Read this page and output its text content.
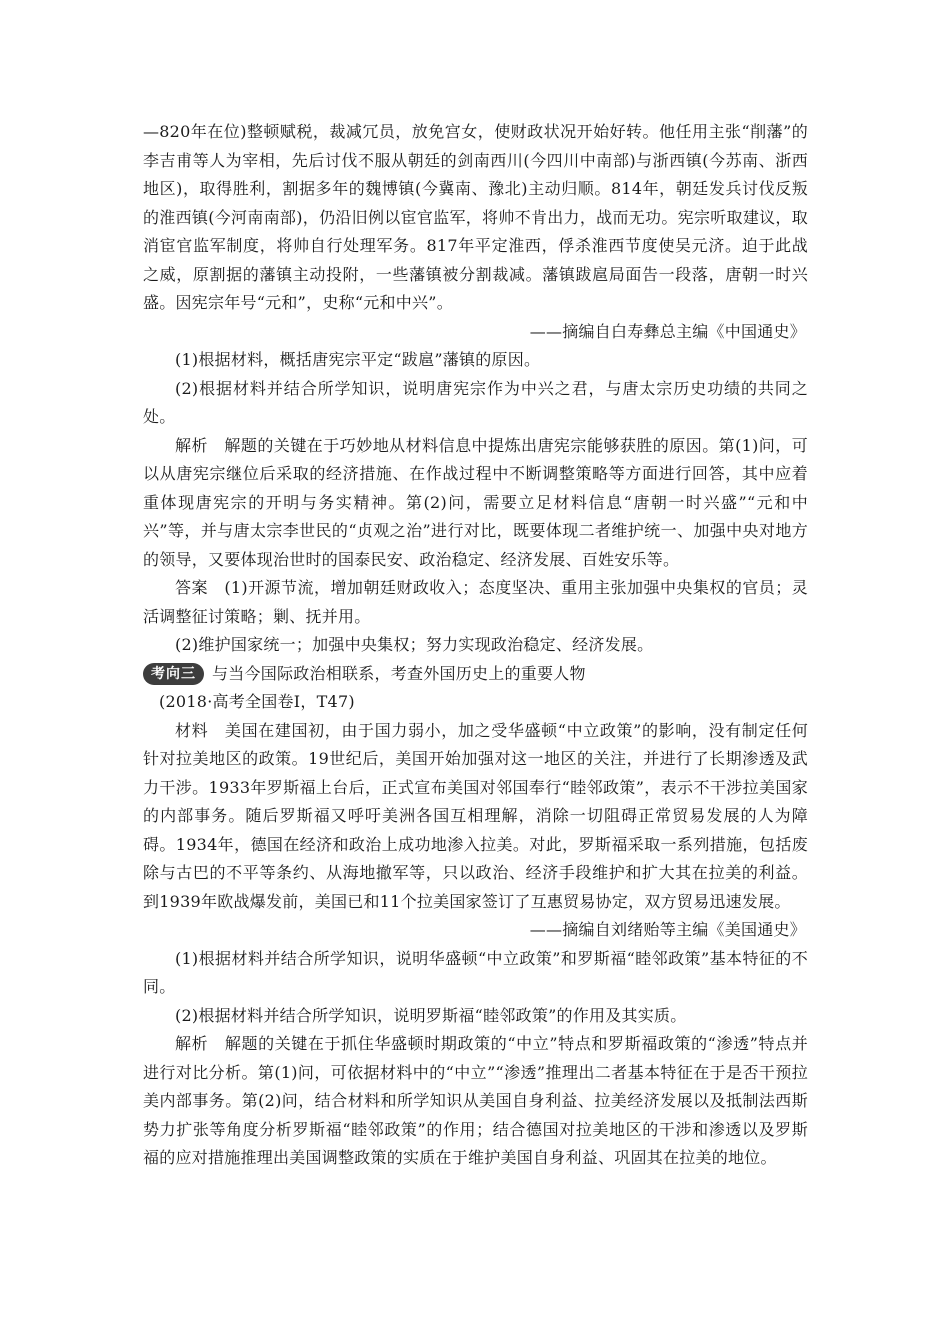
—820年在位)整顿赋税，裁减冗员，放免宫女，使财政状况开始好转。他任用主张“削藩”的李吉甫等人为宰相，先后讨伐不服从朝廷的剑南西川(今四川中南部)与浙西镇(今苏南、浙西地区)，取得胜利，割据多年的魏博镇(今冀南、豫北)主动归顺。814年，朝廷发兵讨伐反叛的淮西镇(今河南南部)，仍沿旧例以宦官监军，将帅不肯出力，战而无功。宪宗听取建议，取消宦官监军制度，将帅自行处理军务。817年平定淮西，俘杀淮西节度使吴元济。迫于此战之威，原割据的藩镇主动投附，一些藩镇被分割裁减。藩镇跋扈局面告一段落，唐朝一时兴盛。因宪宗年号“元和”，史称“元和中兴”。

——摘编自白寿彝总主编《中国通史》

(1)根据材料，概括唐宪宗平定“跋扈”藩镇的原因。

(2)根据材料并结合所学知识，说明唐宪宗作为中兴之君，与唐太宗历史功绩的共同之处。

解析　解题的关键在于巧妙地从材料信息中提炼出唐宪宗能够获胜的原因。第(1)问，可以从唐宪宗继位后采取的经济措施、在作战过程中不断调整策略等方面进行回答，其中应着重体现唐宪宗的开明与务实精神。第(2)问，需要立足材料信息“唐朝一时兴盛”“元和中兴”等，并与唐太宗李世民的“贞观之治”进行对比，既要体现二者维护统一、加强中央对地方的领导，又要体现治世时的国泰民安、政治稳定、经济发展、百姓安乐等。

答案　(1)开源节流，增加朝廷财政收入；态度坚决、重用主张加强中央集权的官员；灵活调整征讨策略；剿、抚并用。

(2)维护国家统一；加强中央集权；努力实现政治稳定、经济发展。

考向三	与当今国际政治相联系，考查外国历史上的重要人物

(2018·高考全国卷Ⅰ，T47)

材料　美国在建国初，由于国力弱小，加之受华盛顿“中立政策”的影响，没有制定任何针对拉美地区的政策。19世纪后，美国开始加强对这一地区的关注，并进行了长期渗透及武力干涉。1933年罗斯福上台后，正式宣布美国对邻国奉行“睦邻政策”，表示不干涉拉美国家的内部事务。随后罗斯福又呼吁美洲各国互相理解，消除一切阻碍正常贸易发展的人为障碍。1934年，德国在经济和政治上成功地渗入拉美。对此，罗斯福采取一系列措施，包括废除与古巴的不平等条约、从海地撤军等，只以政治、经济手段维护和扩大其在拉美的利益。到1939年欧战爆发前，美国已和11个拉美国家签订了互惠贸易协定，双方贸易迅速发展。

——摘编自刘绪贻等主编《美国通史》

(1)根据材料并结合所学知识，说明华盛顿“中立政策”和罗斯福“睦邻政策”基本特征的不同。

(2)根据材料并结合所学知识，说明罗斯福“睦邻政策”的作用及其实质。

解析　解题的关键在于抓住华盛顿时期政策的“中立”特点和罗斯福政策的“渗透”特点并进行对比分析。第(1)问，可依据材料中的“中立”“渗透”推理出二者基本特征在于是否干预拉美内部事务。第(2)问，结合材料和所学知识从美国自身利益、拉美经济发展以及抵制法西斯势力扩张等角度分析罗斯福“睦邻政策”的作用；结合德国对拉美地区的干涉和渗透以及罗斯福的应对措施推理出美国调整政策的实质在于维护美国自身利益、巩固其在拉美的地位。
